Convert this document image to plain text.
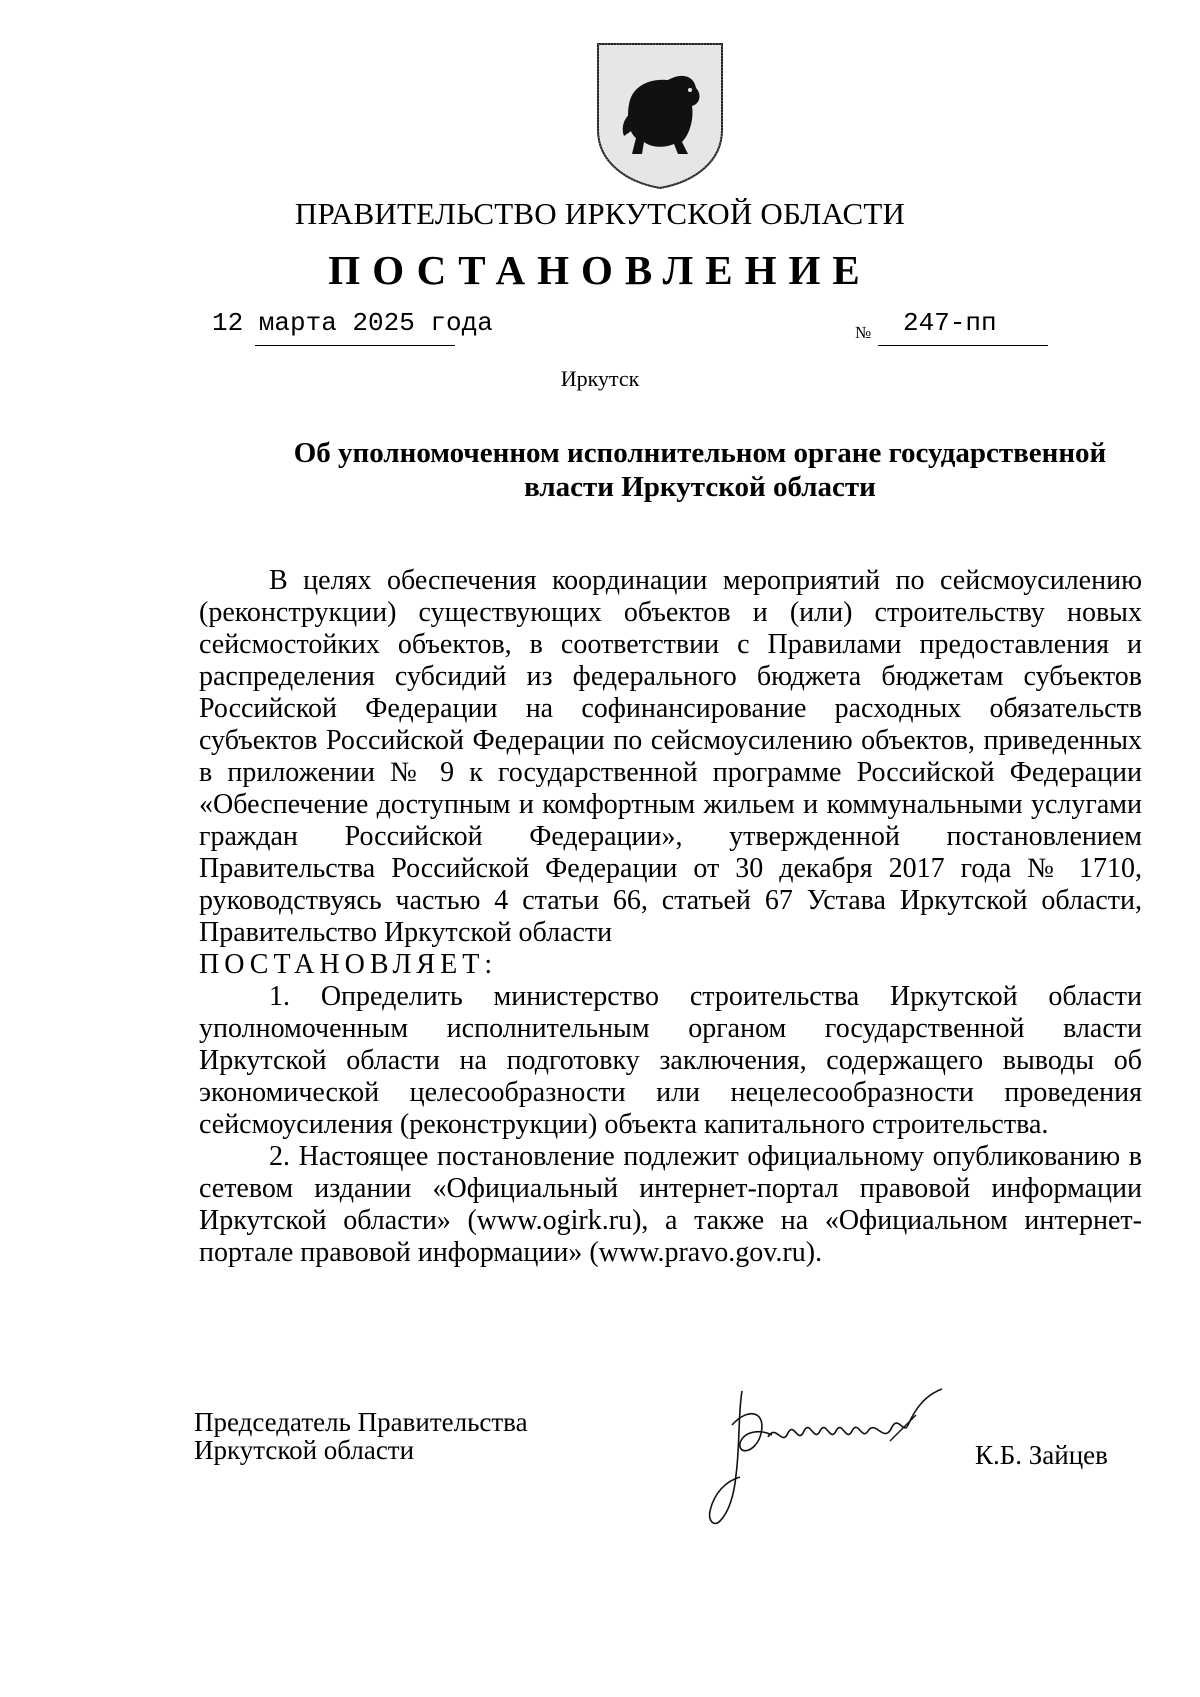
ПРАВИТЕЛЬСТВО ИРКУТСКОЙ ОБЛАСТИ
ПОСТАНОВЛЕНИЕ
12 марта 2025 года	№ 247-пп
Иркутск
Об уполномоченном исполнительном органе государственной власти Иркутской области

В целях обеспечения координации мероприятий по сейсмоусилению (реконструкции) существующих объектов и (или) строительству новых сейсмостойких объектов, в соответствии с Правилами предоставления и распределения субсидий из федерального бюджета бюджетам субъектов Российской Федерации на софинансирование расходных обязательств субъектов Российской Федерации по сейсмоусилению объектов, приведенных в приложении № 9 к государственной программе Российской Федерации «Обеспечение доступным и комфортным жильем и коммунальными услугами граждан Российской Федерации», утвержденной постановлением Правительства Российской Федерации от 30 декабря 2017 года № 1710, руководствуясь частью 4 статьи 66, статьей 67 Устава Иркутской области, Правительство Иркутской области

ПОСТАНОВЛЯЕТ:

1. Определить министерство строительства Иркутской области уполномоченным исполнительным органом государственной власти Иркутской области на подготовку заключения, содержащего выводы об экономической целесообразности или нецелесообразности проведения сейсмоусиления (реконструкции) объекта капитального строительства.

2. Настоящее постановление подлежит официальному опубликованию в сетевом издании «Официальный интернет-портал правовой информации Иркутской области» (www.ogirk.ru), а также на «Официальном интернет-портале правовой информации» (www.pravo.gov.ru).

Председатель Правительства
Иркутской области	К.Б. Зайцев
